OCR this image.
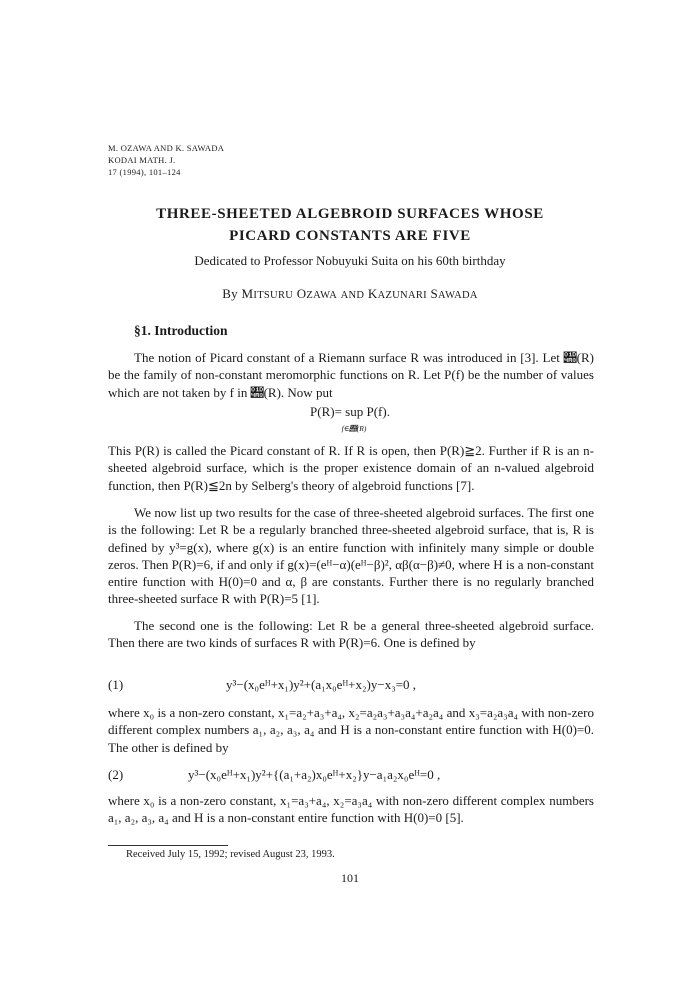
M. OZAWA AND K. SAWADA
KODAI MATH. J.
17 (1994), 101–124
THREE-SHEETED ALGEBROID SURFACES WHOSE
PICARD CONSTANTS ARE FIVE
Dedicated to Professor Nobuyuki Suita on his 60th birthday
By MITSURU OZAWA AND KAZUNARI SAWADA
§1. Introduction
The notion of Picard constant of a Riemann surface R was introduced in [3]. Let 𝒨(R) be the family of non-constant meromorphic functions on R. Let P(f) be the number of values which are not taken by f in 𝒨(R). Now put
P(R)= sup P(f).
f∈𝒨(R)
This P(R) is called the Picard constant of R. If R is open, then P(R)≧2. Further if R is an n-sheeted algebroid surface, which is the proper existence domain of an n-valued algebroid function, then P(R)≦2n by Selberg's theory of algebroid functions [7].
We now list up two results for the case of three-sheeted algebroid surfaces. The first one is the following: Let R be a regularly branched three-sheeted algebroid surface, that is, R is defined by y³=g(x), where g(x) is an entire function with infinitely many simple or double zeros. Then P(R)=6, if and only if g(x)=(eᴴ−α)(eᴴ−β)², αβ(α−β)≠0, where H is a non-constant entire function with H(0)=0 and α, β are constants. Further there is no regularly branched three-sheeted surface R with P(R)=5 [1].
The second one is the following: Let R be a general three-sheeted algebroid surface. Then there are two kinds of surfaces R with P(R)=6. One is defined by
(1)	y³−(x₀eᴴ+x₁)y²+(a₁x₀eᴴ+x₂)y−x₃=0 ,
where x₀ is a non-zero constant, x₁=a₂+a₃+a₄, x₂=a₂a₃+a₃a₄+a₂a₄ and x₃=a₂a₃a₄ with non-zero different complex numbers a₁, a₂, a₃, a₄ and H is a non-constant entire function with H(0)=0. The other is defined by
(2)	y³−(x₀eᴴ+x₁)y²+{(a₁+a₂)x₀eᴴ+x₂}y−a₁a₂x₀eᴴ=0 ,
where x₀ is a non-zero constant, x₁=a₃+a₄, x₂=a₃a₄ with non-zero different complex numbers a₁, a₂, a₃, a₄ and H is a non-constant entire function with H(0)=0 [5].
Received July 15, 1992; revised August 23, 1993.
101
